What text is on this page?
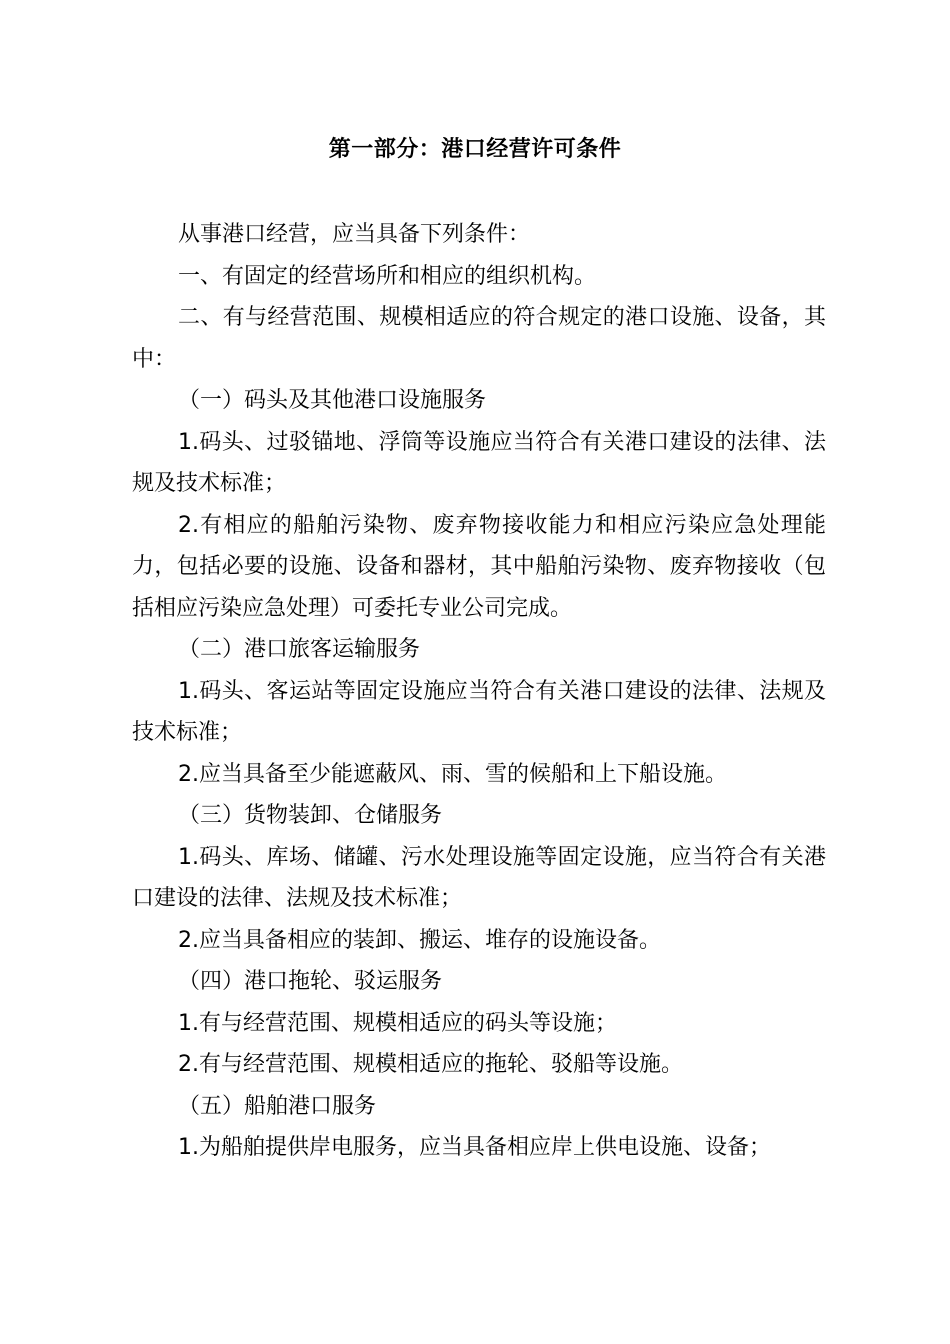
第一部分：港口经营许可条件

从事港口经营，应当具备下列条件：

一、有固定的经营场所和相应的组织机构。

二、有与经营范围、规模相适应的符合规定的港口设施、设备，其中：

（一）码头及其他港口设施服务

1.码头、过驳锚地、浮筒等设施应当符合有关港口建设的法律、法规及技术标准；

2.有相应的船舶污染物、废弃物接收能力和相应污染应急处理能力，包括必要的设施、设备和器材，其中船舶污染物、废弃物接收（包括相应污染应急处理）可委托专业公司完成。

（二）港口旅客运输服务

1.码头、客运站等固定设施应当符合有关港口建设的法律、法规及技术标准；

2.应当具备至少能遮蔽风、雨、雪的候船和上下船设施。

（三）货物装卸、仓储服务

1.码头、库场、储罐、污水处理设施等固定设施，应当符合有关港口建设的法律、法规及技术标准；

2.应当具备相应的装卸、搬运、堆存的设施设备。

（四）港口拖轮、驳运服务

1.有与经营范围、规模相适应的码头等设施；

2.有与经营范围、规模相适应的拖轮、驳船等设施。

（五）船舶港口服务

1.为船舶提供岸电服务，应当具备相应岸上供电设施、设备；
